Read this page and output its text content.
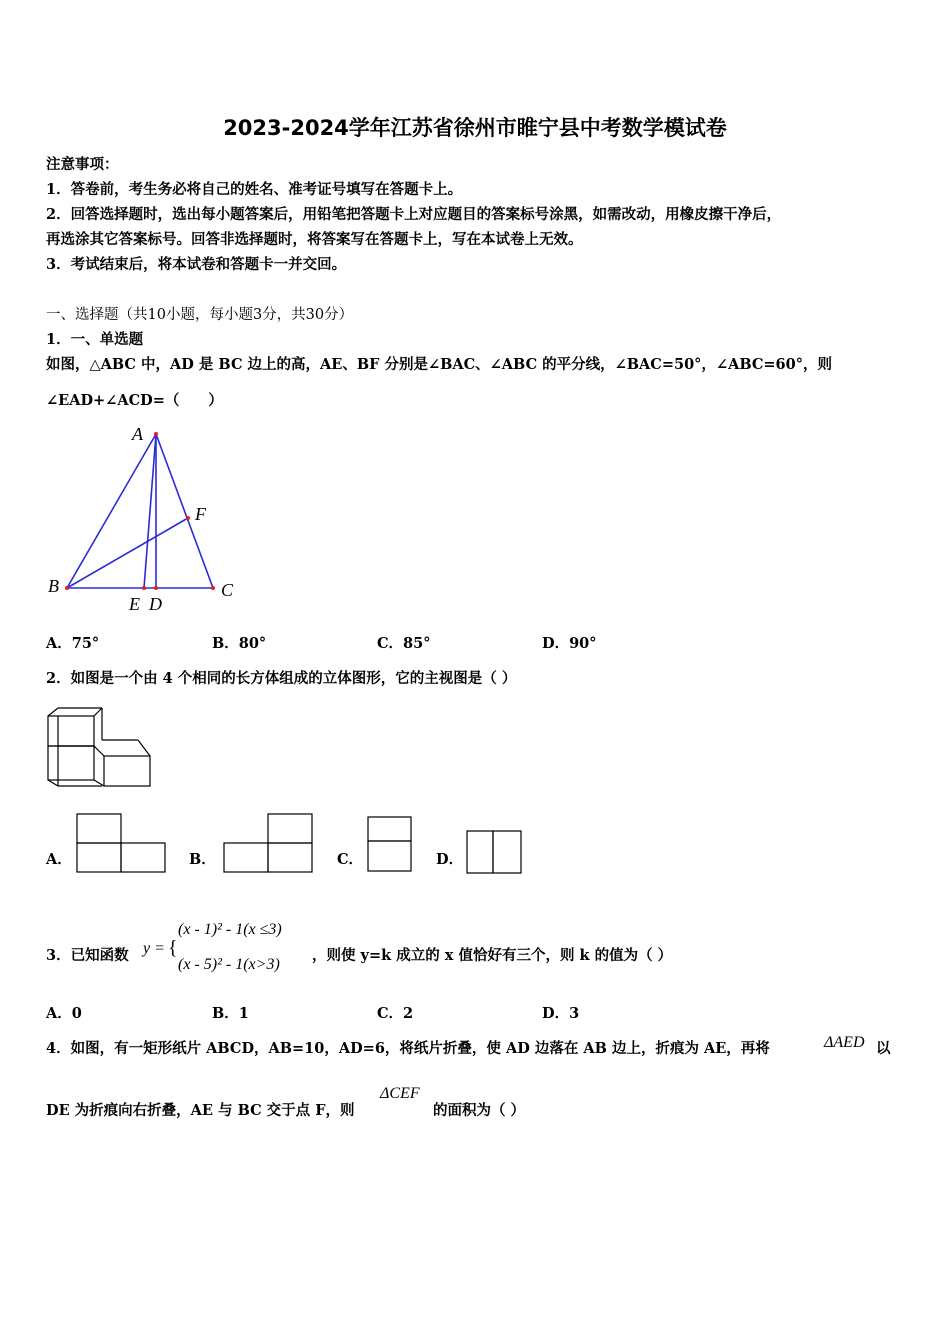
2023-2024学年江苏省徐州市睢宁县中考数学模试卷
注意事项：
1．答卷前，考生务必将自己的姓名、准考证号填写在答题卡上。
2．回答选择题时，选出每小题答案后，用铅笔把答题卡上对应题目的答案标号涂黑，如需改动，用橡皮擦干净后，
再选涂其它答案标号。回答非选择题时，将答案写在答题卡上，写在本试卷上无效。
3．考试结束后，将本试卷和答题卡一并交回。
一、选择题（共10小题，每小题3分，共30分）
1．一、单选题
如图，△ABC 中，AD 是 BC 边上的高，AE、BF 分别是∠BAC、∠ABC 的平分线，∠BAC=50°，∠ABC=60°，则
∠EAD+∠ACD=（　　）
A
B	C
E D
F
A．75°	B．80°	C．85°	D．90°
2．如图是一个由 4 个相同的长方体组成的立体图形，它的主视图是（ ）
A．	B．	C．	D．
3．已知函数 y = {
(x - 1)² - 1(x ≤3)
(x - 5)² - 1(x>3)
，则使 y=k 成立的 x 值恰好有三个，则 k 的值为（ ）
A．0	B．1	C．2	D．3
4．如图，有一矩形纸片 ABCD，AB=10，AD=6，将纸片折叠，使 AD 边落在 AB 边上，折痕为 AE，再将	ΔAED 以
DE 为折痕向右折叠，AE 与 BC 交于点 F，则
ΔCEF
的面积为（ ）
